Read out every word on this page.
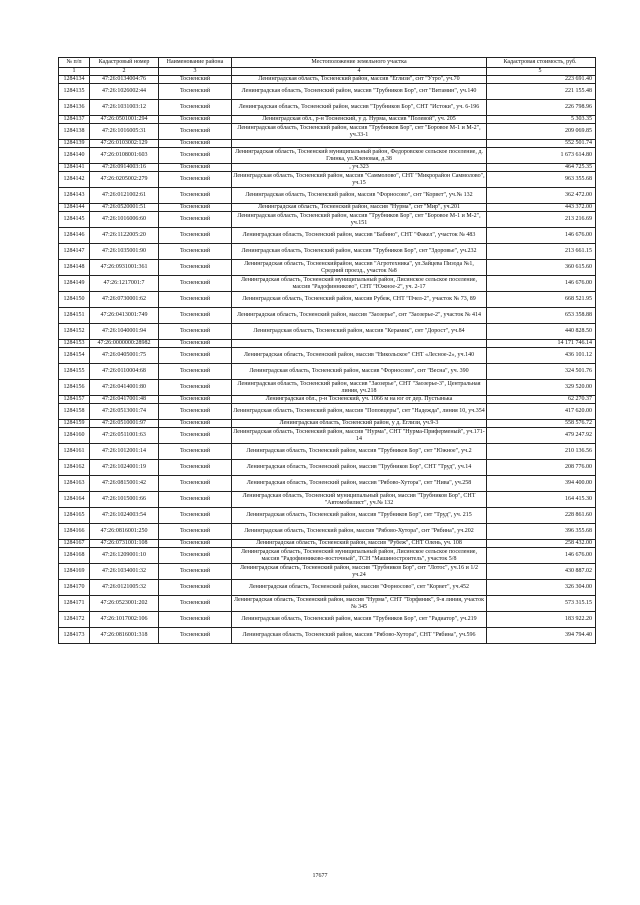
№ п/п	Кадастровый номер	Наименование района	Местоположение земельного участка	Кадастровая стоимость, руб.
1	2	3	4	5
1284134	47:26:0134004:76	Тосненский	Ленинградская область, Тосненский район, массив "Еглизи", снт "Утро", уч.70	223 691.40
1284135	47:26:1026002:44	Тосненский	Ленинградская область, Тосненский район, массив "Трубников Бор", снт "Витамин", уч.140	221 155.48
1284136	47:26:1031003:12	Тосненский	Ленинградская область, Тосненский район, массив "Трубников Бор", СНТ "Истоки", уч. 6-196	226 798.96
1284137	47:26:0501001:294	Тосненский	Ленинградская обл., р-н Тосненский, у д. Нурма, массив "Полевой", уч. 205	5 303.35
1284138	47:26:1016005:31	Тосненский	Ленинградская область, Тосненский район, массив "Трубников Бор", снт "Боровое М-1 и М-2", уч.33-1	209 069.85
1284139	47:26:0103002:129	Тосненский		552 501.74
1284140	47:26:0108001:603	Тосненский	Ленинградская область, Тосненский муниципальный район, Федоровское сельское поселение, д. Глинка, ул.Кленовая, д.38	1 673 614.80
1284141	47:26:0914003:16	Тосненский	, уч.323	464 725.35
1284142	47:26:0205002:279	Тосненский	Ленинградская область, Тосненский район, массив "Саммолово", СНТ "Микрорайон Саммолово", уч.15	963 355.68
1284143	47:26:0121002:61	Тосненский	Ленинградская область, Тосненский район, массив "Форносово", снт "Корвет", уч.№ 132	362 472.00
1284144	47:26:0520001:51	Тосненский	Ленинградская область, Тосненский район, массив "Нурма", снт "Мир", уч.201	443 372.00
1284145	47:26:1016006:60	Тосненский	Ленинградская область, Тосненский район, массив "Трубников Бор", снт "Боровое М-1 и М-2", уч.151	213 216.69
1284146	47:26:1122005:20	Тосненский	Ленинградская область, Тосненский район, массив "Бабино", СНТ "Факел", участок № 483	146 676.00
1284147	47:26:1035001:90	Тосненский	Ленинградская область, Тосненский район, массив "Трубников Бор", снт "Здоровье", уч.232	213 661.15
1284148	47:26:0931001:361	Тосненский	Ленинградская область, Тосненскийрайон, массив "Агротехника", ул.Зайцева Пизода №1, Средний проезд., участок №8	360 615.60
1284149	47:26:1217001:7	Тосненский	Ленинградская область, Тосненский муниципальный район, Лисинское сельское поселение, массив "Радофинниково", СНТ "Южное-2", уч. 2-17	146 676.00
1284150	47:26:0730001:62	Тосненский	Ленинградская область, Тосненский район, массив Рубеж, СНТ "Пчел-2", участок № 73, 89	668 521.95
1284151	47:26:0413001:749	Тосненский	Ленинградская область, Тосненский район, массив "Заозерье", снт "Заозерье-2", участок № 414	653 358.88
1284152	47:26:1040001:94	Тосненский	Ленинградская область, Тосненский район, массив "Керамик", снт "Дорост", уч.84	440 828.50
1284153	47:26:0000000:28982	Тосненский		14 171 746.14
1284154	47:26:0405001:75	Тосненский	Ленинградская область, Тосненский район, массив "Никольское" СНТ «Лесное-2», уч.140	436 101.12
1284155	47:26:0110004:68	Тосненский	Ленинградская область, Тосненский район, массив "Форносово", снт "Весна", уч. 390	324 501.76
1284156	47:26:0414001:80	Тосненский	Ленинградская область, Тосненский район, массив "Заозерье", СНТ "Заозерье-3", Центральная линия, уч.218	329 520.00
1284157	47:26:0417001:48	Тосненский	Ленинградская обл., р-н Тосненский, уч. 1066 м на юг от дер. Пустынька	62 270.37
1284158	47:26:0513001:74	Тосненский	Ленинградская область, Тосненский район, массив "Поповцеры", снт "Надежда", линия 10, уч.354	417 620.00
1284159	47:26:0510001:97	Тосненский	Ленинградская область, Тосненский район, у д. Еглизи, уч.9-3	558 576.72
1284160	47:26:0511001:63	Тосненский	Ленинградская область, Тосненский район, массив "Нурма", СНТ "Нурма-Приферменый", уч.171-14	479 247.92
1284161	47:26:1012001:14	Тосненский	Ленинградская область, Тосненский район, массив "Трубников Бор", снт "Южное", уч.2	210 136.56
1284162	47:26:1024001:19	Тосненский	Ленинградская область, Тосненский район, массив "Трубников Бор", СНТ "Труд", уч.14	208 776.00
1284163	47:26:0815001:42	Тосненский	Ленинградская область, Тосненский район, массив "Рябово-Хутора", снт "Нива", уч.258	394 400.00
1284164	47:26:1015001:66	Тосненский	Ленинградская область, Тосненский муниципальный район, массив "Трубников Бор", СНТ "Автомобилист", уч.№ 132	164 415.30
1284165	47:26:1024003:54	Тосненский	Ленинградская область, Тосненский район, массив "Трубников Бор", снт "Труд", уч. 215	228 861.60
1284166	47:26:0816001:250	Тосненский	Ленинградская область, Тосненский район, массив "Рябово-Хутора", снт "Рябина", уч.202	396 355.68
1284167	47:26:0731001:108	Тосненский	Ленинградская область, Тосненский район, массив "Рубеж", СНТ Олень, уч. 108	258 432.00
1284168	47:26:1209001:10	Тосненский	Ленинградская область, Тосненский муниципальный район, Лисинское сельское поселение, массив "Радофинниково-восточный", ТСН "Машиностроитель", участок 5/8	146 676.00
1284169	47:26:1034001:32	Тосненский	Ленинградская область, Тосненский район, массив "Трубников Бор", снт "Лотос", уч.16 и 1/2 уч.24	430 887.02
1284170	47:26:0121005:32	Тосненский	Ленинградская область, Тосненский район, массив "Форносово", снт "Корвет", уч.452	326 304.00
1284171	47:26:0523001:202	Тосненский	Ленинградская область, Тосненский район, массив "Нурма", СНТ "Торфяник", 9-я линия, участок № 345	573 315.15
1284172	47:26:1017002:106	Тосненский	Ленинградская область, Тосненский район, массив "Трубников Бор", снт "Радиатор", уч.219	183 922.20
1284173	47:26:0816001:318	Тосненский	Ленинградская область, Тосненский район, массив "Рябово-Хутора", СНТ "Рябина", уч.596	394 794.40
17677
